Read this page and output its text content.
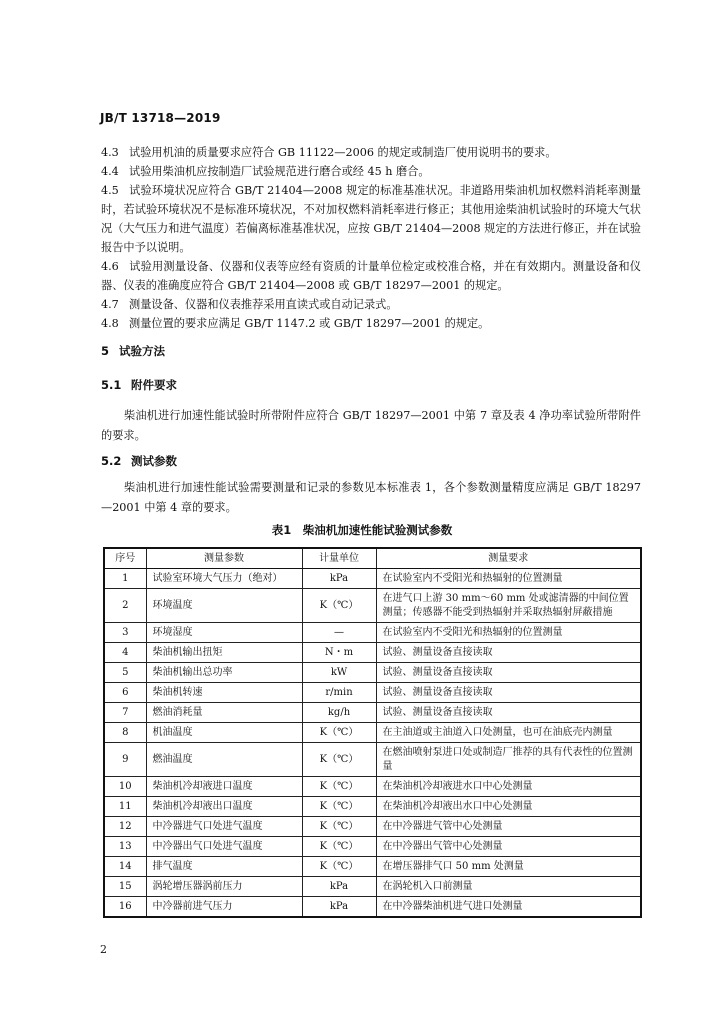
JB/T 13718—2019
4.3 试验用机油的质量要求应符合 GB 11122—2006 的规定或制造厂使用说明书的要求。
4.4 试验用柴油机应按制造厂试验规范进行磨合或经 45 h 磨合。
4.5 试验环境状况应符合 GB/T 21404—2008 规定的标准基准状况。非道路用柴油机加权燃料消耗率测量时，若试验环境状况不是标准环境状况，不对加权燃料消耗率进行修正；其他用途柴油机试验时的环境大气状况（大气压力和进气温度）若偏离标准基准状况，应按 GB/T 21404—2008 规定的方法进行修正，并在试验报告中予以说明。
4.6 试验用测量设备、仪器和仪表等应经有资质的计量单位检定或校准合格，并在有效期内。测量设备和仪器、仪表的准确度应符合 GB/T 21404—2008 或 GB/T 18297—2001 的规定。
4.7 测量设备、仪器和仪表推荐采用直读式或自动记录式。
4.8 测量位置的要求应满足 GB/T 1147.2 或 GB/T 18297—2001 的规定。
5 试验方法
5.1 附件要求
柴油机进行加速性能试验时所带附件应符合 GB/T 18297—2001 中第 7 章及表 4 净功率试验所带附件的要求。
5.2 测试参数
柴油机进行加速性能试验需要测量和记录的参数见本标准表 1，各个参数测量精度应满足 GB/T 18297—2001 中第 4 章的要求。
表1　柴油机加速性能试验测试参数
序号	测量参数	计量单位	测量要求
1	试验室环境大气压力（绝对）	kPa	在试验室内不受阳光和热辐射的位置测量
2	环境温度	K（℃）	在进气口上游 30 mm～60 mm 处或滤清器的中间位置测量；传感器不能受到热辐射并采取热辐射屏蔽措施
3	环境湿度	—	在试验室内不受阳光和热辐射的位置测量
4	柴油机输出扭矩	N・m	试验、测量设备直接读取
5	柴油机输出总功率	kW	试验、测量设备直接读取
6	柴油机转速	r/min	试验、测量设备直接读取
7	燃油消耗量	kg/h	试验、测量设备直接读取
8	机油温度	K（℃）	在主油道或主油道入口处测量，也可在油底壳内测量
9	燃油温度	K（℃）	在燃油喷射泵进口处或制造厂推荐的具有代表性的位置测量
10	柴油机冷却液进口温度	K（℃）	在柴油机冷却液进水口中心处测量
11	柴油机冷却液出口温度	K（℃）	在柴油机冷却液出水口中心处测量
12	中冷器进气口处进气温度	K（℃）	在中冷器进气管中心处测量
13	中冷器出气口处进气温度	K（℃）	在中冷器出气管中心处测量
14	排气温度	K（℃）	在增压器排气口 50 mm 处测量
15	涡轮增压器涡前压力	kPa	在涡轮机入口前测量
16	中冷器前进气压力	kPa	在中冷器柴油机进气进口处测量
2
